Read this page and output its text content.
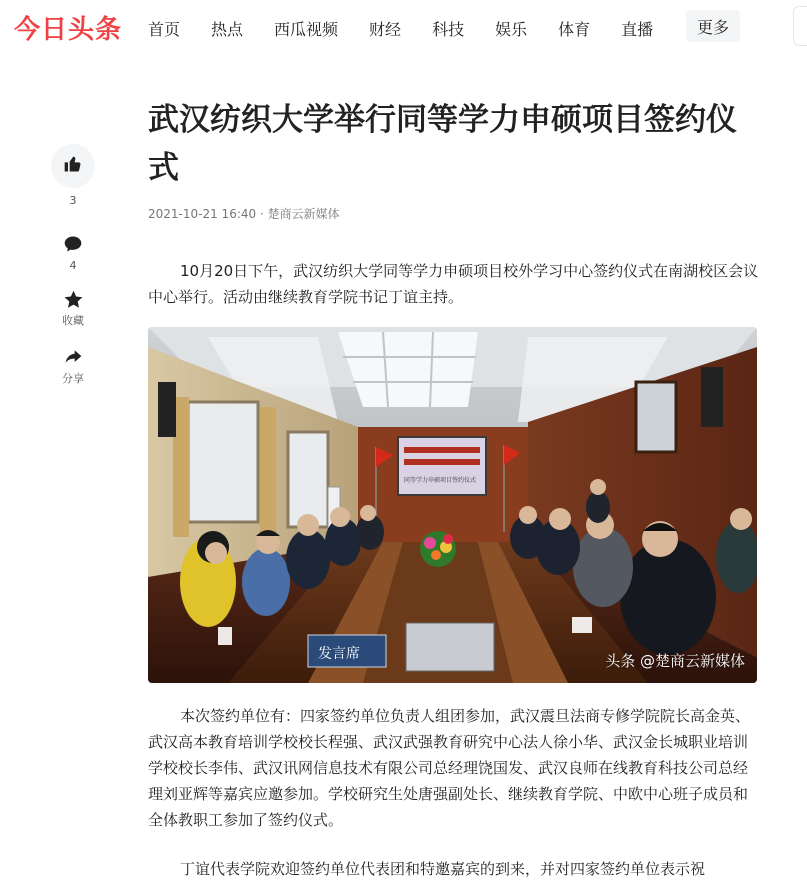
今日头条 首页 热点 西瓜视频 财经 科技 娱乐 体育 直播	更多
3
4
收藏
分享
武汉纺织大学举行同等学力申硕项目签约仪式
2021-10-21 16:40 · 楚商云新媒体

10月20日下午，武汉纺织大学同等学力申硕项目校外学习中心签约仪式在南湖校区会议中心举行。活动由继续教育学院书记丁谊主持。

发言席
同等学力申硕项目签约仪式
头条 @楚商云新媒体

本次签约单位有：四家签约单位负责人组团参加，武汉震旦法商专修学院院长高金英、武汉高本教育培训学校校长程强、武汉武强教育研究中心法人徐小华、武汉金长城职业培训学校校长李伟、武汉讯网信息技术有限公司总经理饶国发、武汉良师在线教育科技公司总经理刘亚辉等嘉宾应邀参加。学校研究生处唐强副处长、继续教育学院、中欧中心班子成员和全体教职工参加了签约仪式。

丁谊代表学院欢迎签约单位代表团和特邀嘉宾的到来，并对四家签约单位表示祝
